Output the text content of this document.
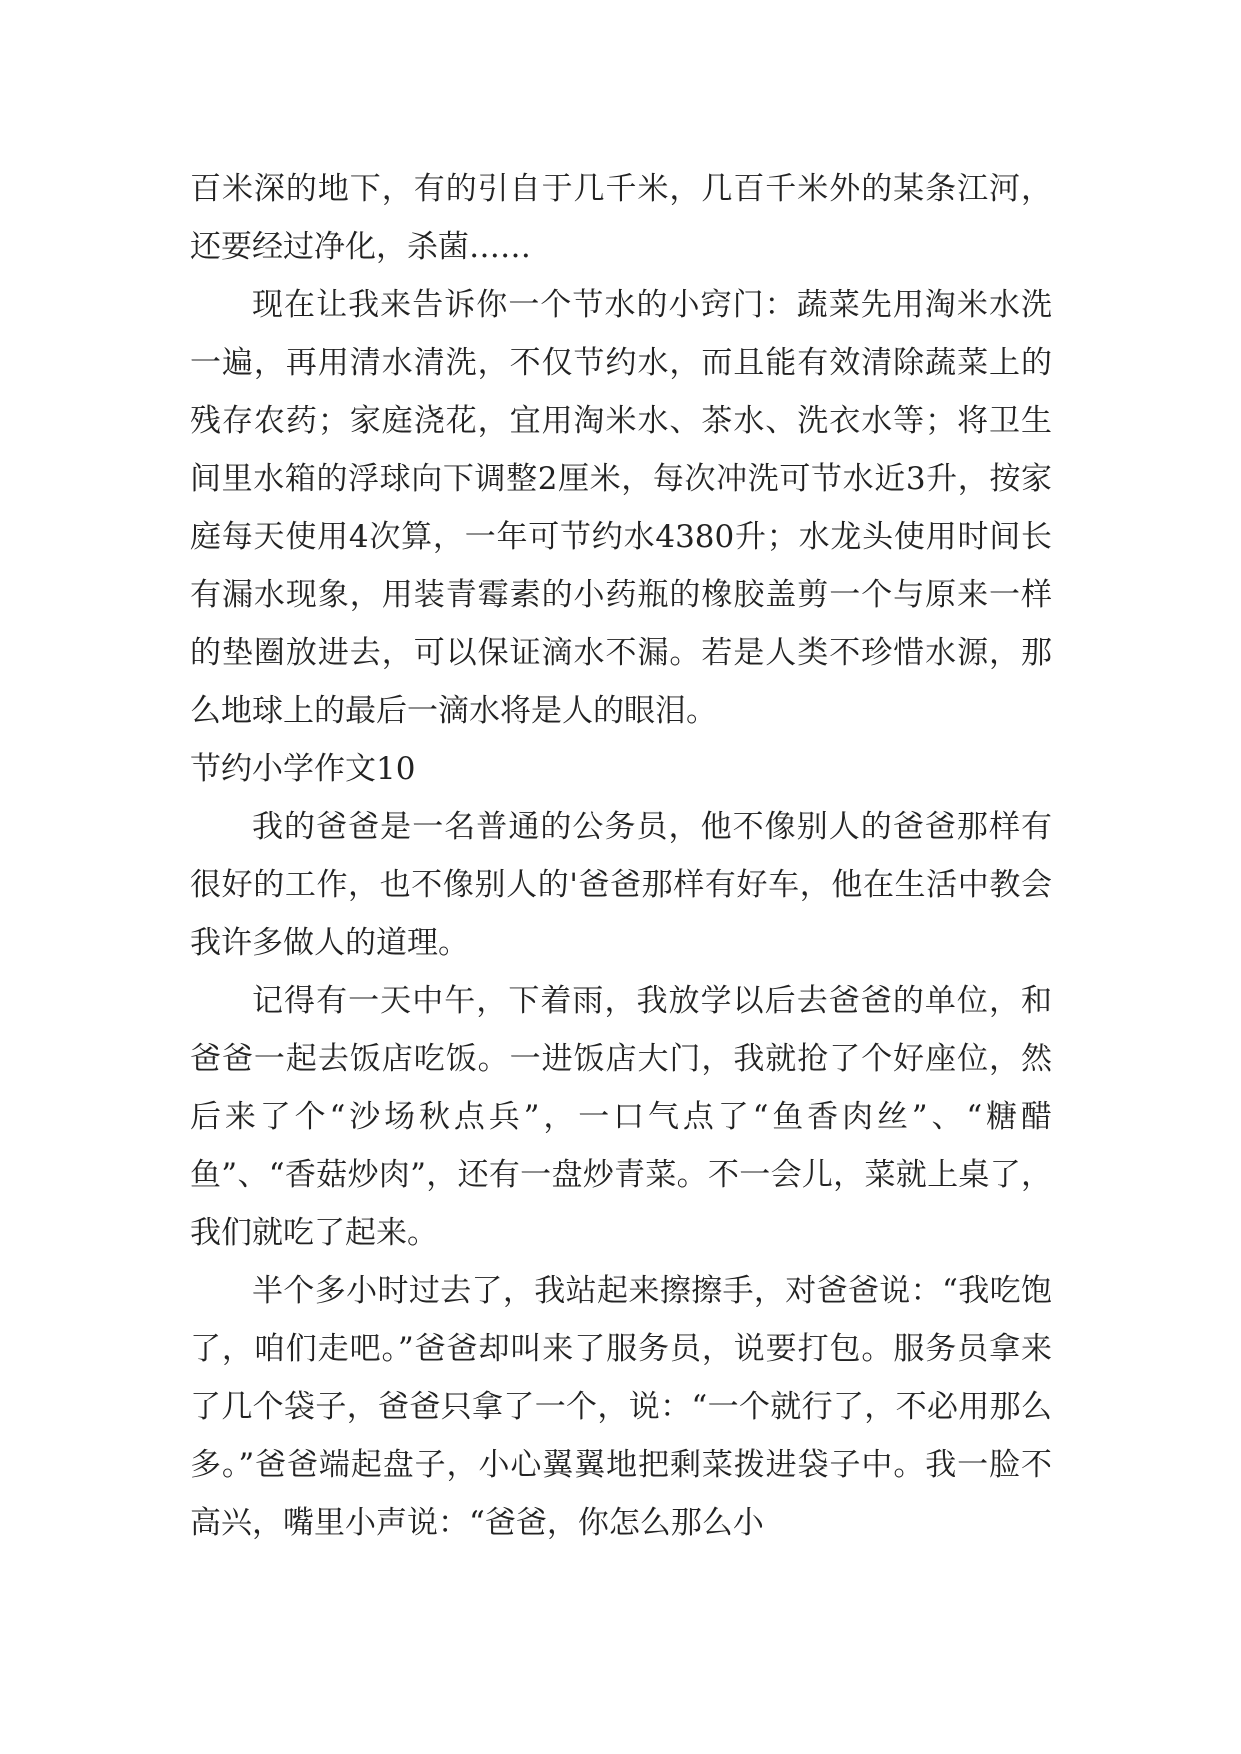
百米深的地下，有的引自于几千米，几百千米外的某条江河，还要经过净化，杀菌……

现在让我来告诉你一个节水的小窍门：蔬菜先用淘米水洗一遍，再用清水清洗，不仅节约水，而且能有效清除蔬菜上的残存农药；家庭浇花，宜用淘米水、茶水、洗衣水等；将卫生间里水箱的浮球向下调整2厘米，每次冲洗可节水近3升，按家庭每天使用4次算，一年可节约水4380升；水龙头使用时间长有漏水现象，用装青霉素的小药瓶的橡胶盖剪一个与原来一样的垫圈放进去，可以保证滴水不漏。若是人类不珍惜水源，那么地球上的最后一滴水将是人的眼泪。

节约小学作文10

我的爸爸是一名普通的公务员，他不像别人的爸爸那样有很好的工作，也不像别人的'爸爸那样有好车，他在生活中教会我许多做人的道理。

记得有一天中午，下着雨，我放学以后去爸爸的单位，和爸爸一起去饭店吃饭。一进饭店大门，我就抢了个好座位，然后来了个“沙场秋点兵”，一口气点了“鱼香肉丝”、“糖醋鱼”、“香菇炒肉”，还有一盘炒青菜。不一会儿，菜就上桌了，我们就吃了起来。

半个多小时过去了，我站起来擦擦手，对爸爸说：“我吃饱了，咱们走吧。”爸爸却叫来了服务员，说要打包。服务员拿来了几个袋子，爸爸只拿了一个，说：“一个就行了，不必用那么多。”爸爸端起盘子，小心翼翼地把剩菜拨进袋子中。我一脸不高兴，嘴里小声说：“爸爸，你怎么那么小
